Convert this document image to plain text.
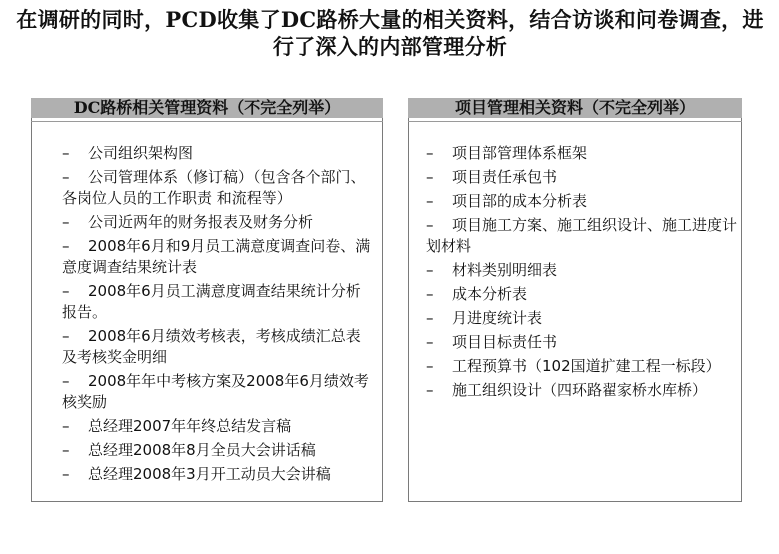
在调研的同时，PCD收集了DC路桥大量的相关资料，结合访谈和问卷调查，进行了深入的内部管理分析
DC路桥相关管理资料（不完全列举）
– 公司组织架构图
– 公司管理体系（修订稿）（包含各个部门、各岗位人员的工作职责 和流程等）
– 公司近两年的财务报表及财务分析
– 2008年6月和9月员工满意度调查问卷、满意度调查结果统计表
– 2008年6月员工满意度调查结果统计分析报告。
– 2008年6月绩效考核表，考核成绩汇总表及考核奖金明细
– 2008年年中考核方案及2008年6月绩效考核奖励
– 总经理2007年年终总结发言稿
– 总经理2008年8月全员大会讲话稿
– 总经理2008年3月开工动员大会讲稿
项目管理相关资料（不完全列举）
– 项目部管理体系框架
– 项目责任承包书
– 项目部的成本分析表
– 项目施工方案、施工组织设计、施工进度计划材料
– 材料类别明细表
– 成本分析表
– 月进度统计表
– 项目目标责任书
– 工程预算书（102国道扩建工程一标段）
– 施工组织设计（四环路翟家桥水库桥）
